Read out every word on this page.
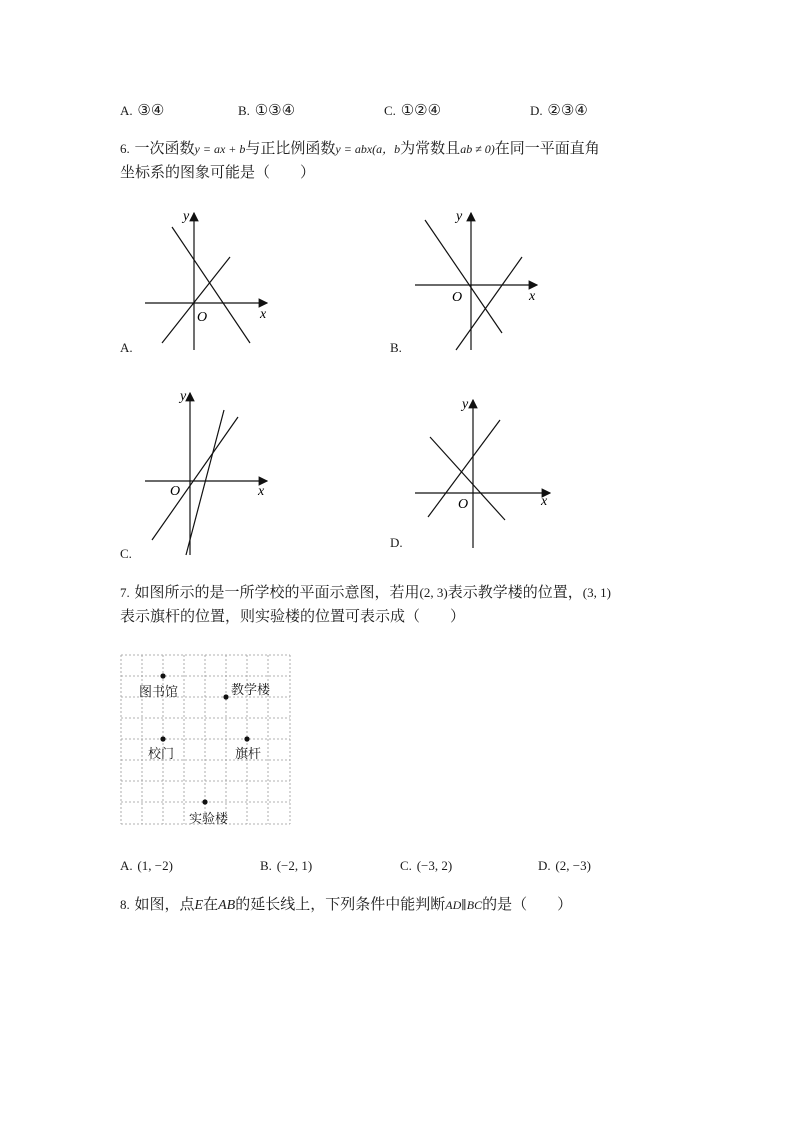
A. ③④	B. ①③④	C. ①②④	D. ②③④
6. 一次函数y = ax + b与正比例函数y = abx(a，b为常数且ab ≠ 0)在同一平面直角
坐标系的图象可能是（　　）
y
x
O
A.
y
x
O
B.
y
x
O
C.
y
x
O
D.
7. 如图所示的是一所学校的平面示意图，若用(2, 3)表示教学楼的位置，(3, 1)
表示旗杆的位置，则实验楼的位置可表示成（　　）
图书馆	教学楼
校门	旗杆
实验楼
A. (1, −2)	B. (−2, 1)	C. (−3, 2)	D. (2, −3)
8. 如图，点E在AB的延长线上，下列条件中能判断AD∥BC的是（　　）
